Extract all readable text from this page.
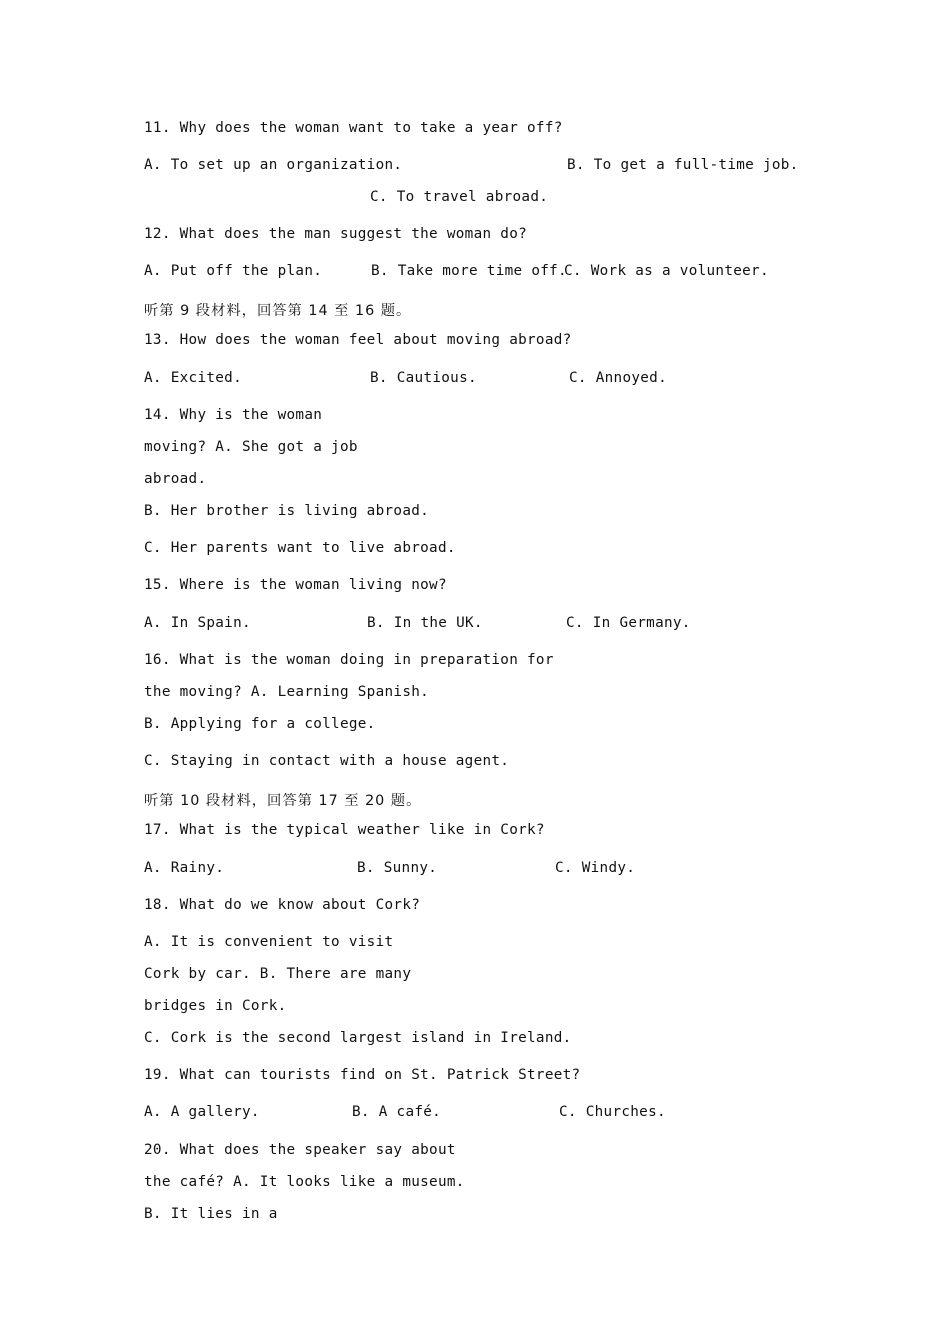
11. Why does the woman want to take a year off?
A. To set up an organization.	B. To get a full-time job.
C. To travel abroad.
12. What does the man suggest the woman do?
A. Put off the plan.	B. Take more time off.
C. Work as a volunteer.
听第 9 段材料，回答第 14 至 16 题。
13. How does the woman feel about moving abroad?
A. Excited.	B. Cautious.	C. Annoyed.
14. Why is the woman
moving? A. She got a job
abroad.
B. Her brother is living abroad.
C. Her parents want to live abroad.
15. Where is the woman living now?
A. In Spain.	B. In the UK.	C. In Germany.
16. What is the woman doing in preparation for
the moving? A. Learning Spanish.
B. Applying for a college.
C. Staying in contact with a house agent.
听第 10 段材料，回答第 17 至 20 题。
17. What is the typical weather like in Cork?
A. Rainy.	B. Sunny.	C. Windy.
18. What do we know about Cork?
A. It is convenient to visit
Cork by car. B. There are many
bridges in Cork.
C. Cork is the second largest island in Ireland.
19. What can tourists find on St. Patrick Street?
A. A gallery.	B. A café.	C. Churches.
20. What does the speaker say about
the café? A. It looks like a museum.
B. It lies in a
